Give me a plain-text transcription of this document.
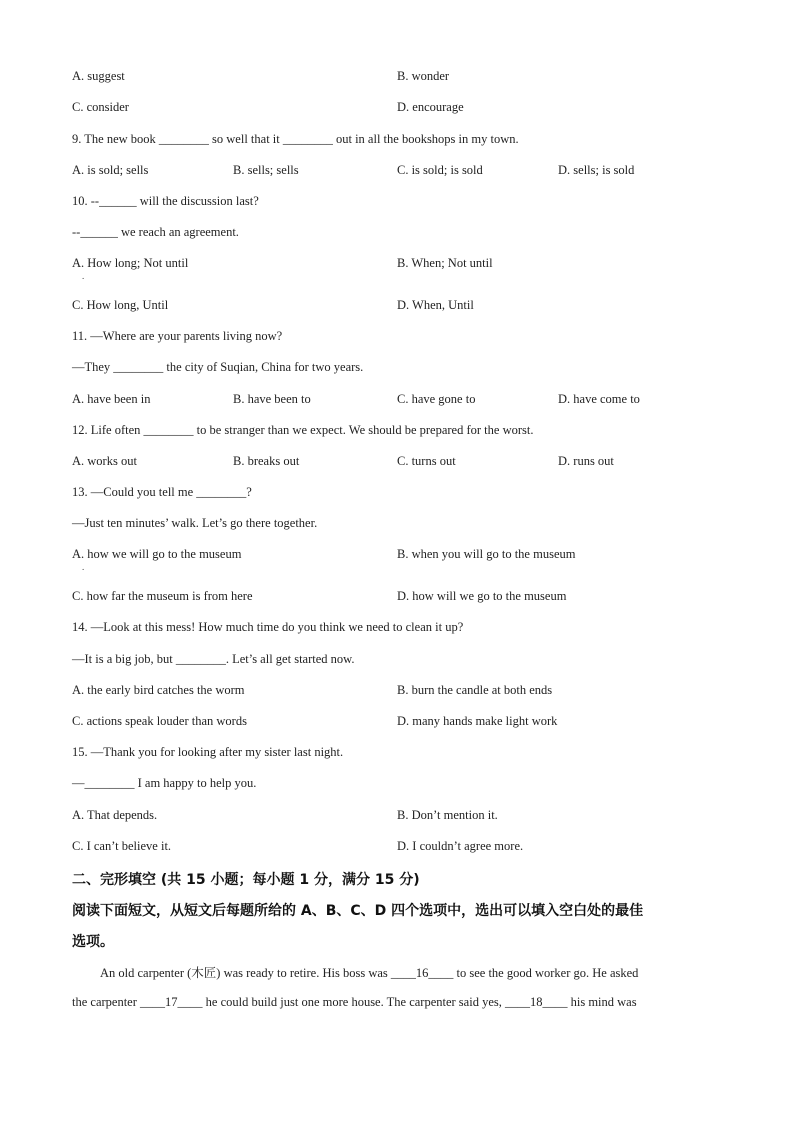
A. suggest	B. wonder
C. consider	D. encourage
9. The new book ________ so well that it ________ out in all the bookshops in my town.
A. is sold; sells	B. sells; sells	C. is sold; is sold	D. sells; is sold
10. --______ will the discussion last?
--______ we reach an agreement.
A. How long; Not until	B. When; Not until
.
C. How long, Until	D. When, Until
11. —Where are your parents living now?
—They ________ the city of Suqian, China for two years.
A. have been in	B. have been to	C. have gone to	D. have come to
12. Life often ________ to be stranger than we expect. We should be prepared for the worst.
A. works out	B. breaks out	C. turns out	D. runs out
13. —Could you tell me ________?
—Just ten minutes’ walk. Let’s go there together.
A. how we will go to the museum	B. when you will go to the museum
.
C. how far the museum is from here	D. how will we go to the museum
14. —Look at this mess! How much time do you think we need to clean it up?
—It is a big job, but ________. Let’s all get started now.
A. the early bird catches the worm	B. burn the candle at both ends
C. actions speak louder than words	D. many hands make light work
15. —Thank you for looking after my sister last night.
—________ I am happy to help you.
A. That depends.	B. Don’t mention it.
C. I can’t believe it.	D. I couldn’t agree more.
二、完形填空 (共 15 小题；每小题 1 分，满分 15 分)
阅读下面短文，从短文后每题所给的 A、B、C、D 四个选项中，选出可以填入空白处的最佳
选项。
An old carpenter (木匠) was ready to retire. His boss was ____16____ to see the good worker go. He asked
the carpenter ____17____ he could build just one more house. The carpenter said yes, ____18____ his mind was
